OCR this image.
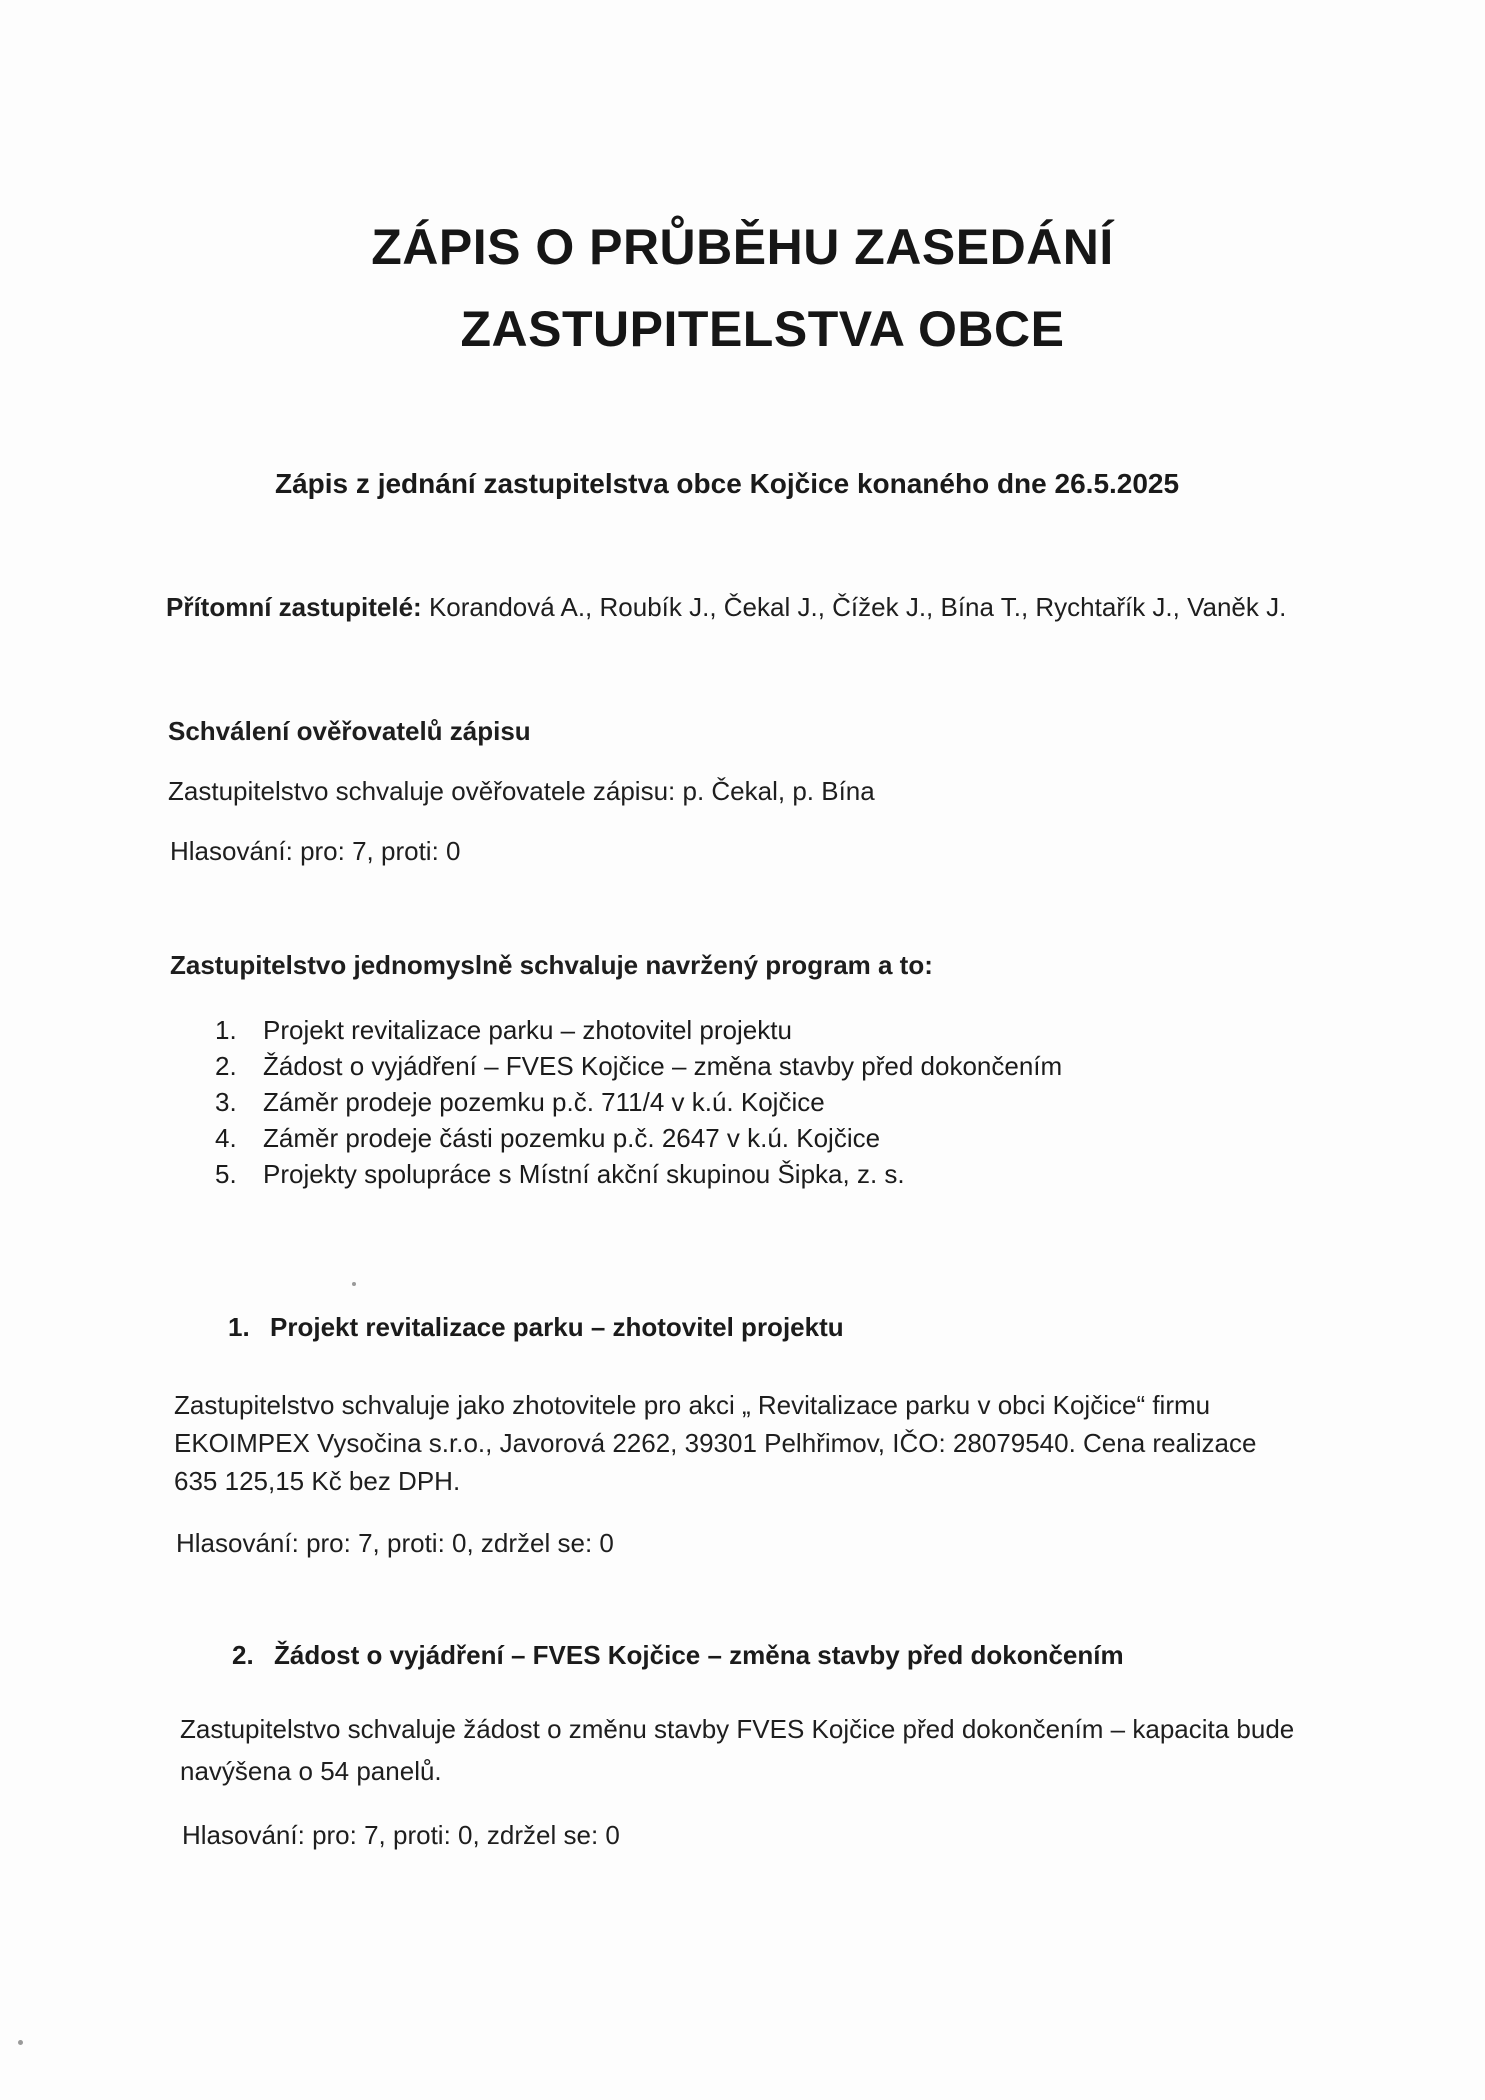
ZÁPIS O PRŮBĚHU ZASEDÁNÍ
ZASTUPITELSTVA OBCE
Zápis z jednání zastupitelstva obce Kojčice konaného dne 26.5.2025
Přítomní zastupitelé: Korandová A., Roubík J., Čekal J., Čížek J., Bína T., Rychtařík J., Vaněk J.
Schválení ověřovatelů zápisu
Zastupitelstvo schvaluje ověřovatele zápisu: p. Čekal, p. Bína
Hlasování: pro: 7, proti: 0
Zastupitelstvo jednomyslně schvaluje navržený program a to:
1. Projekt revitalizace parku – zhotovitel projektu
2. Žádost o vyjádření – FVES Kojčice – změna stavby před dokončením
3. Záměr prodeje pozemku p.č. 711/4 v k.ú. Kojčice
4. Záměr prodeje části pozemku p.č. 2647 v k.ú. Kojčice
5. Projekty spolupráce s Místní akční skupinou Šipka, z. s.
1. Projekt revitalizace parku – zhotovitel projektu
Zastupitelstvo schvaluje jako zhotovitele pro akci „ Revitalizace parku v obci Kojčice“ firmu
EKOIMPEX Vysočina s.r.o., Javorová 2262, 39301 Pelhřimov, IČO: 28079540. Cena realizace
635 125,15 Kč bez DPH.
Hlasování: pro: 7, proti: 0, zdržel se: 0
2. Žádost o vyjádření – FVES Kojčice – změna stavby před dokončením
Zastupitelstvo schvaluje žádost o změnu stavby FVES Kojčice před dokončením – kapacita bude
navýšena o 54 panelů.
Hlasování: pro: 7, proti: 0, zdržel se: 0
